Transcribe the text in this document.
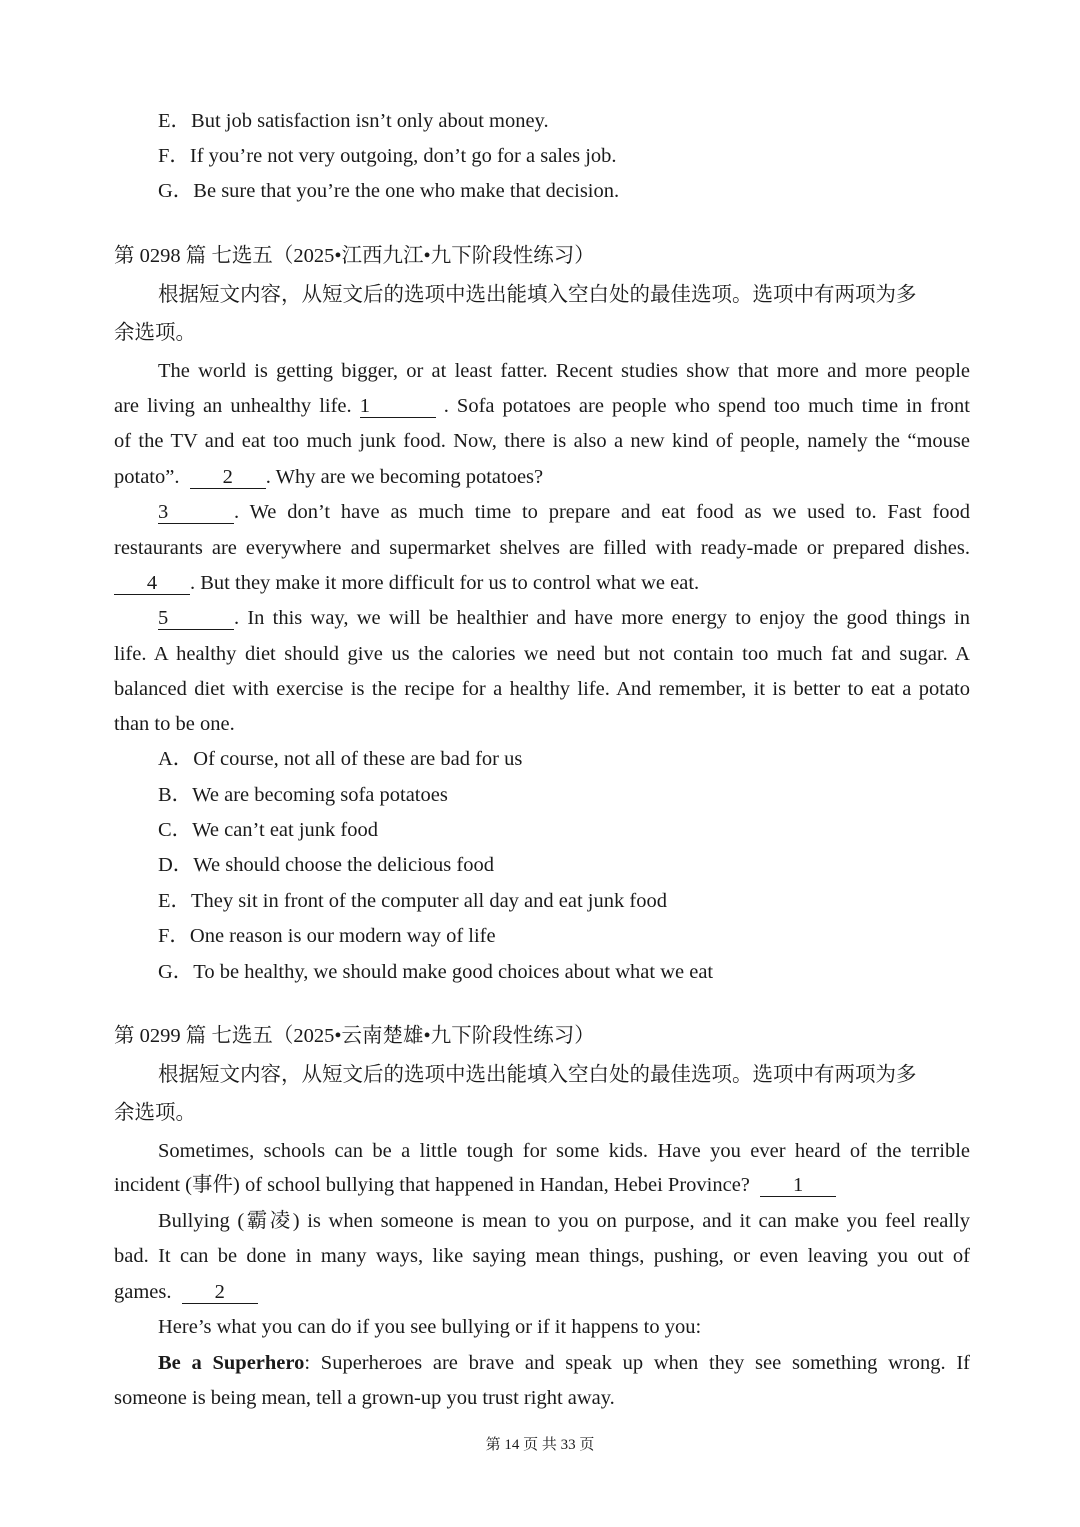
E．But job satisfaction isn’t only about money.
F．If you’re not very outgoing, don’t go for a sales job.
G．Be sure that you’re the one who make that decision.
第 0298 篇 七选五（2025•江西九江•九下阶段性练习）
根据短文内容，从短文后的选项中选出能填入空白处的最佳选项。选项中有两项为多
余选项。
The world is getting bigger, or at least fatter. Recent studies show that more and more people
are living an unhealthy life. 1	. Sofa potatoes are people who spend too much time in front
of the TV and eat too much junk food. Now, there is also a new kind of people, namely the “mouse
potato”. 2 . Why are we becoming potatoes?
3	. We don’t have as much time to prepare and eat food as we used to. Fast food
restaurants are everywhere and supermarket shelves are filled with ready-made or prepared dishes.
4 . But they make it more difficult for us to control what we eat.
5	. In this way, we will be healthier and have more energy to enjoy the good things in
life. A healthy diet should give us the calories we need but not contain too much fat and sugar. A
balanced diet with exercise is the recipe for a healthy life. And remember, it is better to eat a potato
than to be one.
A．Of course, not all of these are bad for us
B．We are becoming sofa potatoes
C．We can’t eat junk food
D．We should choose the delicious food
E．They sit in front of the computer all day and eat junk food
F．One reason is our modern way of life
G．To be healthy, we should make good choices about what we eat
第 0299 篇 七选五（2025•云南楚雄•九下阶段性练习）
根据短文内容，从短文后的选项中选出能填入空白处的最佳选项。选项中有两项为多
余选项。
Sometimes, schools can be a little tough for some kids. Have you ever heard of the terrible
incident (事件) of school bullying that happened in Handan, Hebei Province? 1
Bullying (霸凌) is when someone is mean to you on purpose, and it can make you feel really
bad. It can be done in many ways, like saying mean things, pushing, or even leaving you out of
games. 2
Here’s what you can do if you see bullying or if it happens to you:
Be a Superhero: Superheroes are brave and speak up when they see something wrong. If
someone is being mean, tell a grown-up you trust right away.
第 14 页 共 33 页
